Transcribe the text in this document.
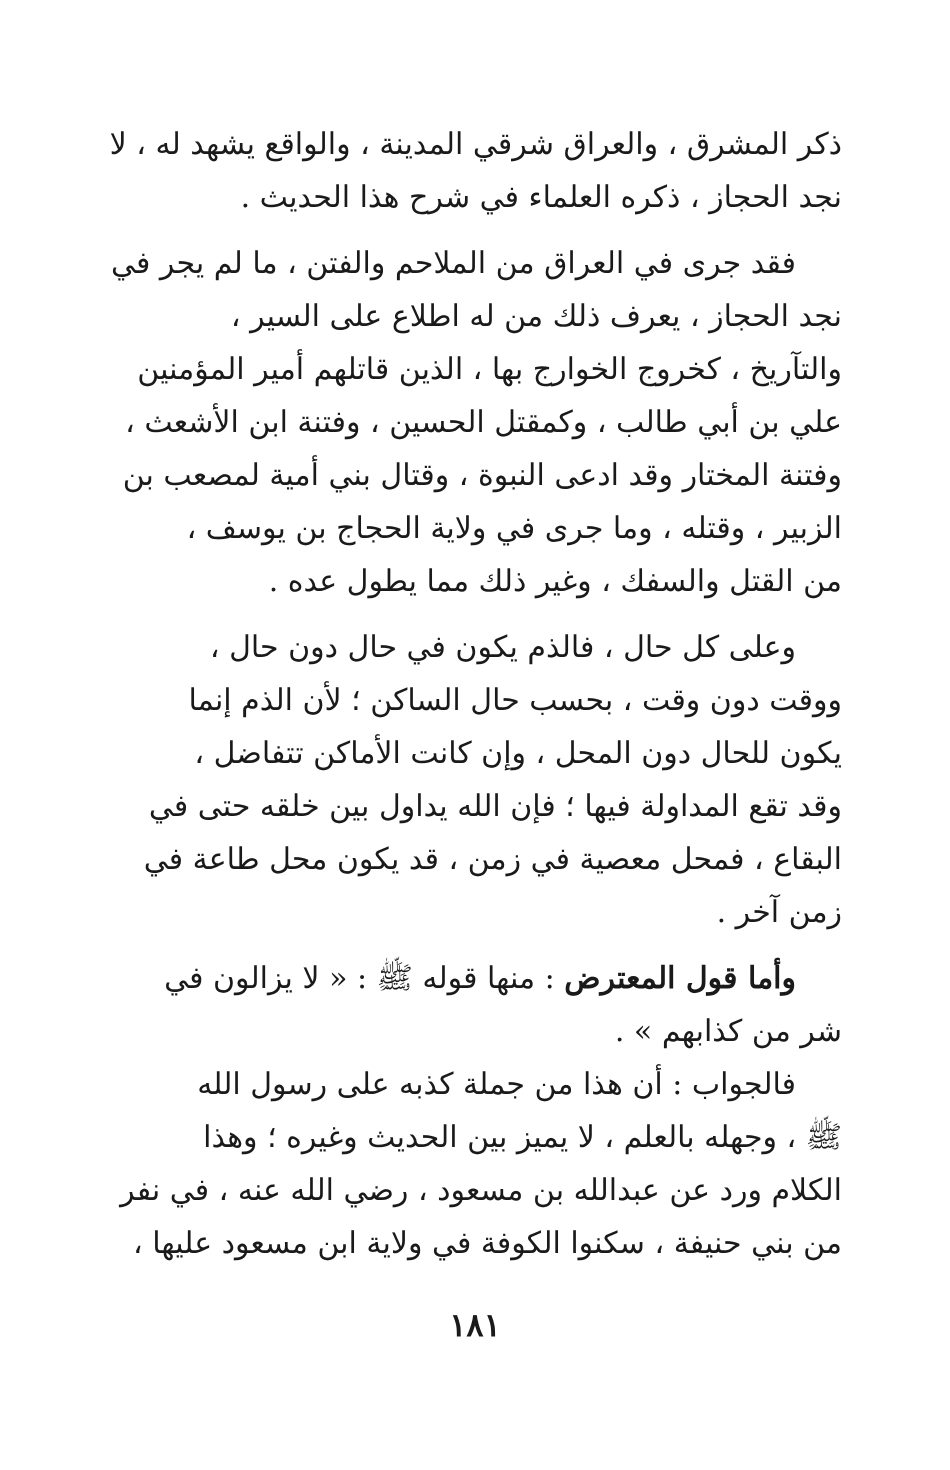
ذكر المشرق ، والعراق شرقي المدينة ، والواقع يشهد له ، لا
نجد الحجاز ، ذكره العلماء في شرح هذا الحديث .

فقد جرى في العراق من الملاحم والفتن ، ما لم يجر في
نجد الحجاز ، يعرف ذلك من له اطلاع على السير ،
والتآريخ ، كخروج الخوارج بها ، الذين قاتلهم أمير المؤمنين
علي بن أبي طالب ، وكمقتل الحسين ، وفتنة ابن الأشعث ،
وفتنة المختار وقد ادعى النبوة ، وقتال بني أمية لمصعب بن
الزبير ، وقتله ، وما جرى في ولاية الحجاج بن يوسف ،
من القتل والسفك ، وغير ذلك مما يطول عده .

وعلى كل حال ، فالذم يكون في حال دون حال ،
ووقت دون وقت ، بحسب حال الساكن ؛ لأن الذم إنما
يكون للحال دون المحل ، وإن كانت الأماكن تتفاضل ،
وقد تقع المداولة فيها ؛ فإن الله يداول بين خلقه حتى في
البقاع ، فمحل معصية في زمن ، قد يكون محل طاعة في
زمن آخر .

وأما قول المعترض : منها قوله ﷺ : « لا يزالون في
شر من كذابهم » .

فالجواب : أن هذا من جملة كذبه على رسول الله
ﷺ ، وجهله بالعلم ، لا يميز بين الحديث وغيره ؛ وهذا
الكلام ورد عن عبدالله بن مسعود ، رضي الله عنه ، في نفر
من بني حنيفة ، سكنوا الكوفة في ولاية ابن مسعود عليها ،

١٨١
